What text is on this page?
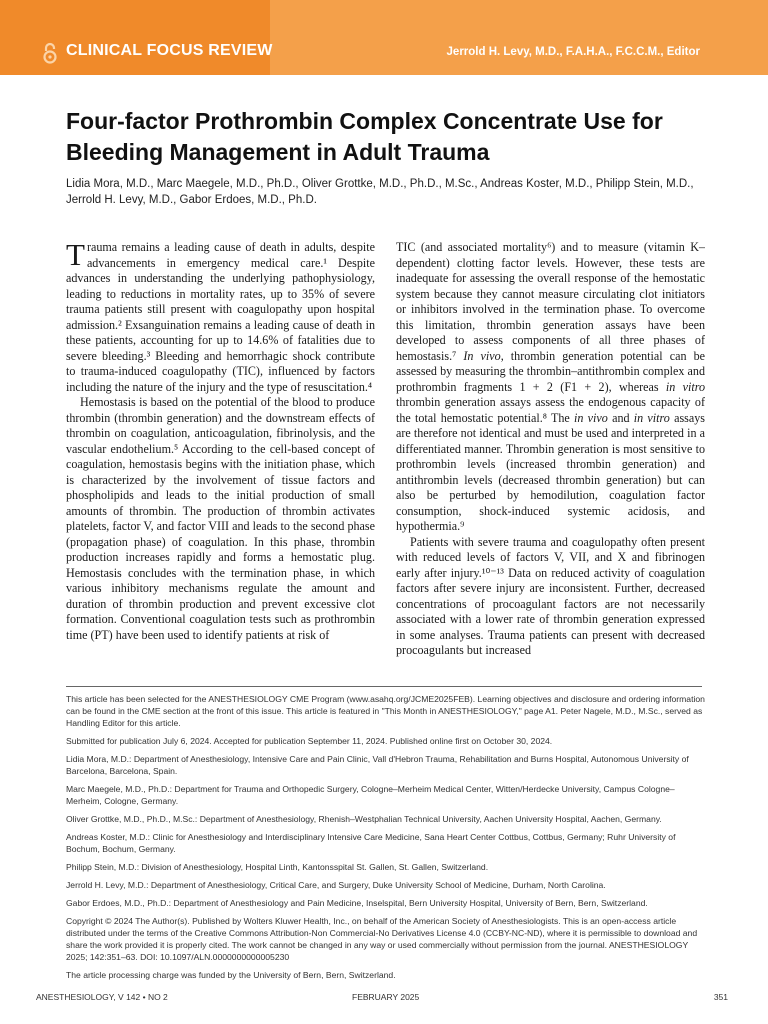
CLINICAL FOCUS REVIEW	Jerrold H. Levy, M.D., F.A.H.A., F.C.C.M., Editor
Four-factor Prothrombin Complex Concentrate Use for
Bleeding Management in Adult Trauma
Lidia Mora, M.D., Marc Maegele, M.D., Ph.D., Oliver Grottke, M.D., Ph.D., M.Sc., Andreas Koster, M.D., Philipp Stein, M.D.,
Jerrold H. Levy, M.D., Gabor Erdoes, M.D., Ph.D.

Trauma remains a leading cause of death in adults, despite advancements in emergency medical care.¹ Despite advances in understanding the underlying pathophysiology, leading to reductions in mortality rates, up to 35% of severe trauma patients still present with coagulopathy upon hospital admission.² Exsanguination remains a leading cause of death in these patients, accounting for up to 14.6% of fatalities due to severe bleeding.³ Bleeding and hemorrhagic shock contribute to trauma-induced coagulopathy (TIC), influenced by factors including the nature of the injury and the type of resuscitation.⁴

Hemostasis is based on the potential of the blood to produce thrombin (thrombin generation) and the downstream effects of thrombin on coagulation, anticoagulation, fibrinolysis, and the vascular endothelium.⁵ According to the cell-based concept of coagulation, hemostasis begins with the initiation phase, which is characterized by the involvement of tissue factors and phospholipids and leads to the initial production of small amounts of thrombin. The production of thrombin activates platelets, factor V, and factor VIII and leads to the second phase (propagation phase) of coagulation. In this phase, thrombin production increases rapidly and forms a hemostatic plug. Hemostasis concludes with the termination phase, in which various inhibitory mechanisms regulate the amount and duration of thrombin production and prevent excessive clot formation. Conventional coagulation tests such as prothrombin time (PT) have been used to identify patients at risk of

TIC (and associated mortality⁶) and to measure (vitamin K–dependent) clotting factor levels. However, these tests are inadequate for assessing the overall response of the hemostatic system because they cannot measure circulating clot initiators or inhibitors involved in the termination phase. To overcome this limitation, thrombin generation assays have been developed to assess components of all three phases of hemostasis.⁷ In vivo, thrombin generation potential can be assessed by measuring the thrombin–antithrombin complex and prothrombin fragments 1 + 2 (F1 + 2), whereas in vitro thrombin generation assays assess the endogenous capacity of the total hemostatic potential.⁸ The in vivo and in vitro assays are therefore not identical and must be used and interpreted in a differentiated manner. Thrombin generation is most sensitive to prothrombin levels (increased thrombin generation) and antithrombin levels (decreased thrombin generation) but can also be perturbed by hemodilution, coagulation factor consumption, shock-induced systemic acidosis, and hypothermia.⁹

Patients with severe trauma and coagulopathy often present with reduced levels of factors V, VII, and X and fibrinogen early after injury.¹⁰⁻¹³ Data on reduced activity of coagulation factors after severe injury are inconsistent. Further, decreased concentrations of procoagulant factors are not necessarily associated with a lower rate of thrombin generation expressed in some analyses. Trauma patients can present with decreased procoagulants but increased

This article has been selected for the ANESTHESIOLOGY CME Program (www.asahq.org/JCME2025FEB). Learning objectives and disclosure and ordering information can be found in the CME section at the front of this issue. This article is featured in "This Month in ANESTHESIOLOGY," page A1. Peter Nagele, M.D., M.Sc., served as Handling Editor for this article.

Submitted for publication July 6, 2024. Accepted for publication September 11, 2024. Published online first on October 30, 2024.

Lidia Mora, M.D.: Department of Anesthesiology, Intensive Care and Pain Clinic, Vall d'Hebron Trauma, Rehabilitation and Burns Hospital, Autonomous University of Barcelona, Barcelona, Spain.

Marc Maegele, M.D., Ph.D.: Department for Trauma and Orthopedic Surgery, Cologne–Merheim Medical Center, Witten/Herdecke University, Campus Cologne–Merheim, Cologne, Germany.

Oliver Grottke, M.D., Ph.D., M.Sc.: Department of Anesthesiology, Rhenish–Westphalian Technical University, Aachen University Hospital, Aachen, Germany.

Andreas Koster, M.D.: Clinic for Anesthesiology and Interdisciplinary Intensive Care Medicine, Sana Heart Center Cottbus, Cottbus, Germany; Ruhr University of Bochum, Bochum, Germany.

Philipp Stein, M.D.: Division of Anesthesiology, Hospital Linth, Kantonsspital St. Gallen, St. Gallen, Switzerland.

Jerrold H. Levy, M.D.: Department of Anesthesiology, Critical Care, and Surgery, Duke University School of Medicine, Durham, North Carolina.

Gabor Erdoes, M.D., Ph.D.: Department of Anesthesiology and Pain Medicine, Inselspital, Bern University Hospital, University of Bern, Bern, Switzerland.

Copyright © 2024 The Author(s). Published by Wolters Kluwer Health, Inc., on behalf of the American Society of Anesthesiologists. This is an open-access article distributed under the terms of the Creative Commons Attribution-Non Commercial-No Derivatives License 4.0 (CCBY-NC-ND), where it is permissible to download and share the work provided it is properly cited. The work cannot be changed in any way or used commercially without permission from the journal. ANESTHESIOLOGY 2025; 142:351–63. DOI: 10.1097/ALN.0000000000005230

The article processing charge was funded by the University of Bern, Bern, Switzerland.

ANESTHESIOLOGY, V 142 • NO 2	FEBRUARY 2025	351
